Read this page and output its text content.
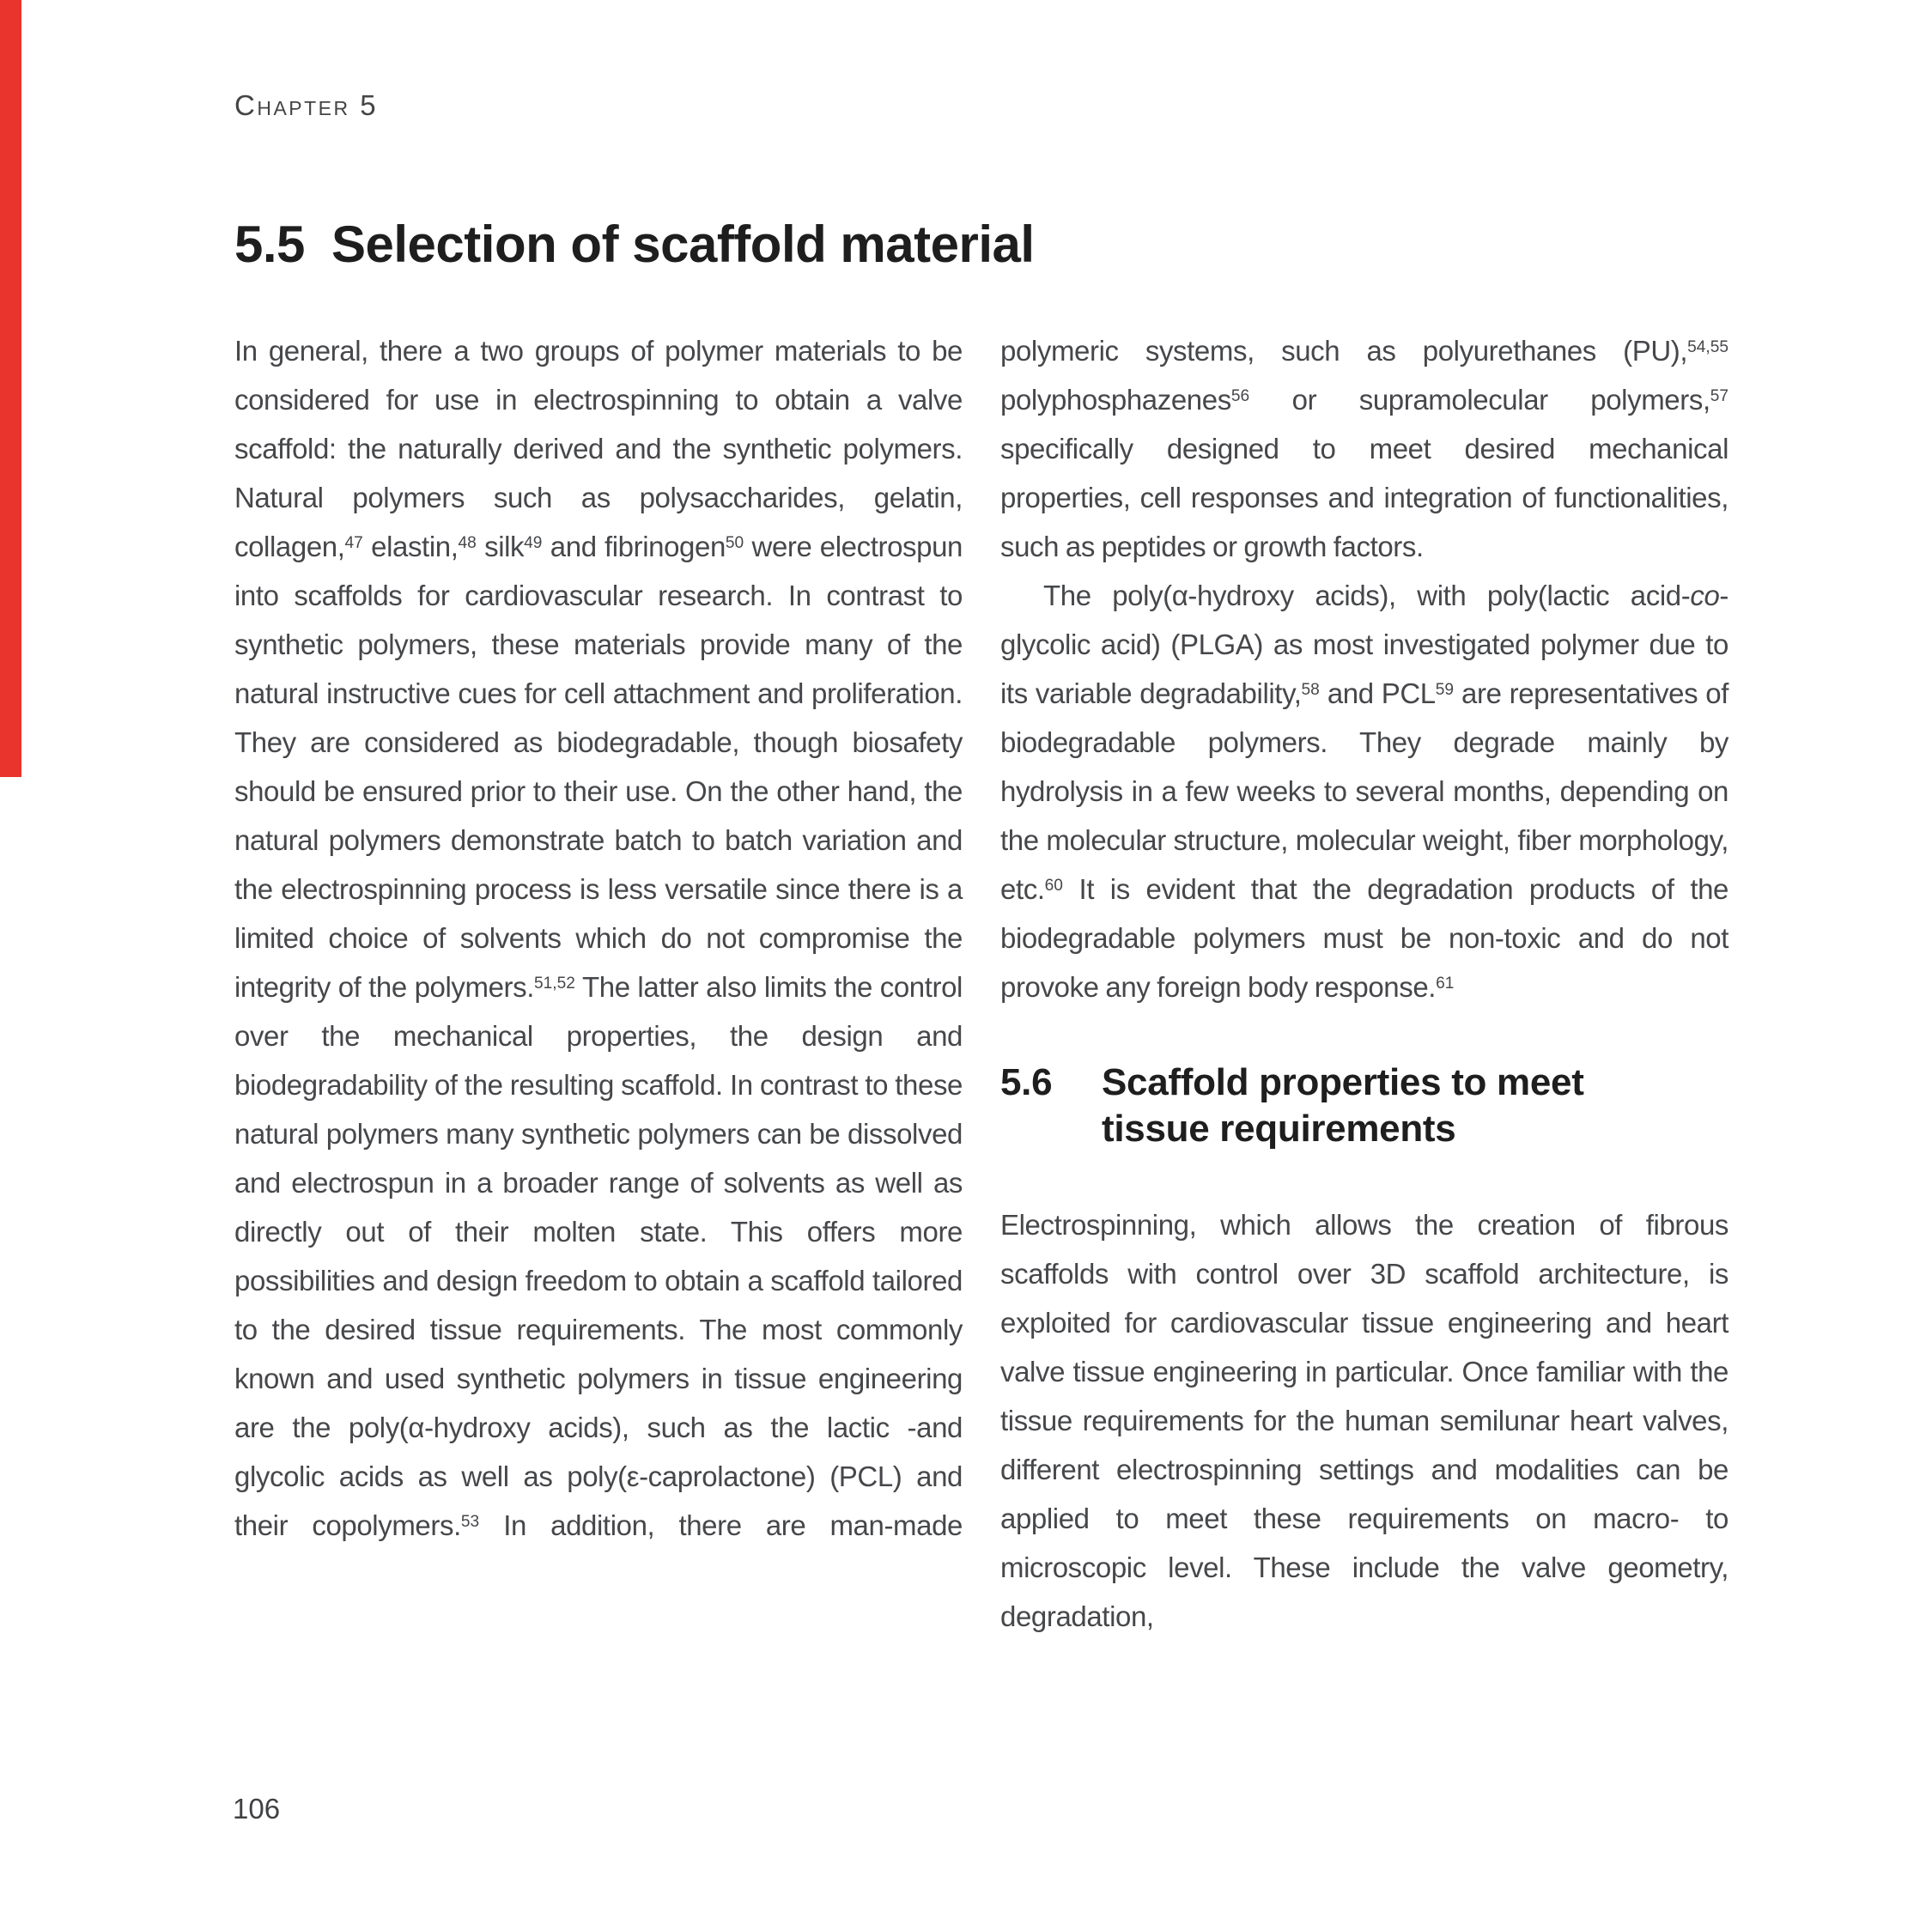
Chapter 5
5.5 Selection of scaffold material

In general, there a two groups of polymer materials to be considered for use in electrospinning to obtain a valve scaffold: the naturally derived and the synthetic polymers. Natural polymers such as polysaccharides, gelatin, collagen,$^{47}$ elastin,$^{48}$ silk$^{49}$ and fibrinogen$^{50}$ were electrospun into scaffolds for cardiovascular research. In contrast to synthetic polymers, these materials provide many of the natural instructive cues for cell attachment and proliferation. They are considered as biodegradable, though biosafety should be ensured prior to their use. On the other hand, the natural polymers demonstrate batch to batch variation and the electrospinning process is less versatile since there is a limited choice of solvents which do not compromise the integrity of the polymers.$^{51,52}$ The latter also limits the control over the mechanical properties, the design and biodegradability of the resulting scaffold. In contrast to these natural polymers many synthetic polymers can be dissolved and electrospun in a broader range of solvents as well as directly out of their molten state. This offers more possibilities and design freedom to obtain a scaffold tailored to the desired tissue requirements. The most commonly known and used synthetic polymers in tissue engineering are the poly(α-hydroxy acids), such as the lactic -and glycolic acids as well as poly(ε-caprolactone) (PCL) and their copolymers.$^{53}$ In addition, there are man-made

polymeric systems, such as polyurethanes (PU),$^{54,55}$ polyphosphazenes$^{56}$ or supramolecular polymers,$^{57}$ specifically designed to meet desired mechanical properties, cell responses and integration of functionalities, such as peptides or growth factors.

The poly(α-hydroxy acids), with poly(lactic acid-co-glycolic acid) (PLGA) as most investigated polymer due to its variable degradability,$^{58}$ and PCL$^{59}$ are representatives of biodegradable polymers. They degrade mainly by hydrolysis in a few weeks to several months, depending on the molecular structure, molecular weight, fiber morphology, etc.$^{60}$ It is evident that the degradation products of the biodegradable polymers must be non-toxic and do not provoke any foreign body response.$^{61}$

5.6	Scaffold properties to meet
tissue requirements

Electrospinning, which allows the creation of fibrous scaffolds with control over 3D scaffold architecture, is exploited for cardiovascular tissue engineering and heart valve tissue engineering in particular. Once familiar with the tissue requirements for the human semilunar heart valves, different electrospinning settings and modalities can be applied to meet these requirements on macro- to microscopic level. These include the valve geometry, degradation,

106
